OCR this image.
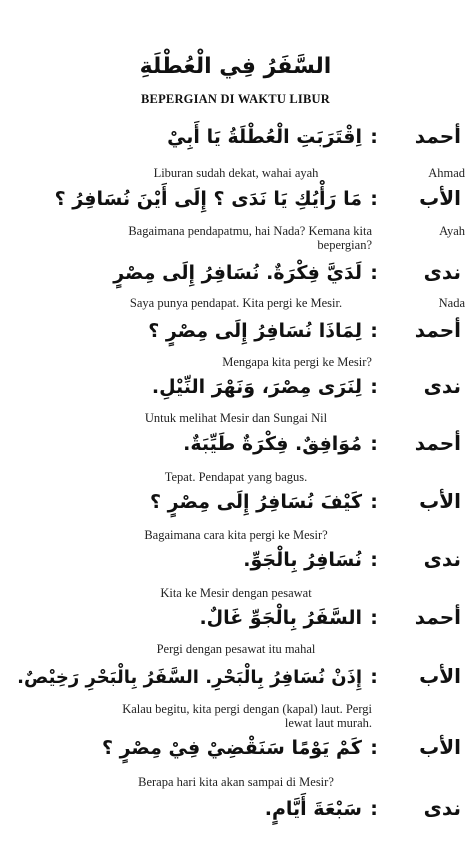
السَّفَرُ فِي الْعُطْلَةِ
BEPERGIAN DI WAKTU LIBUR
أحمد
:
اِقْتَرَبَتِ الْعُطْلَةُ يَا أَبِيْ
Liburan sudah dekat, wahai ayah	Ahmad
الأب
:
مَا رَأْيُكِ يَا نَدَى ؟ إِلَى أَيْنَ نُسَافِرُ ؟
Bagaimana pendapatmu, hai Nada? Kemana kita bepergian?
Ayah
ندى
:
لَدَيَّ فِكْرَةٌ. نُسَافِرُ إِلَى مِصْرٍ
Saya punya pendapat. Kita pergi ke Mesir.	Nada
أحمد
:
لِمَاذَا نُسَافِرُ إِلَى مِصْرٍ ؟
Mengapa kita pergi ke Mesir?
ندى
:
لِنَرَى مِصْرَ، وَنَهْرَ النِّيْلِ.
Untuk melihat Mesir dan Sungai Nil
أحمد
:
مُوَافِقٌ. فِكْرَةٌ طَيِّبَةٌ.
Tepat. Pendapat yang bagus.
الأب
:
كَيْفَ نُسَافِرُ إِلَى مِصْرٍ ؟
Bagaimana cara kita pergi ke Mesir?
ندى
:
نُسَافِرُ بِالْجَوِّ.
Kita ke Mesir dengan pesawat
أحمد
:
السَّفَرُ بِالْجَوِّ غَالٌ.
Pergi dengan pesawat itu mahal
الأب
:
إِذَنْ نُسَافِرُ بِالْبَحْرِ. السَّفَرُ بِالْبَحْرِ رَخِيْصٌ.
Kalau begitu, kita pergi dengan (kapal) laut. Pergi lewat laut murah.
الأب
:
كَمْ يَوْمًا سَنَقْضِيْ فِيْ مِصْرٍ ؟
Berapa hari kita akan sampai di Mesir?
ندى
:
سَبْعَةَ أَيَّامٍ.
